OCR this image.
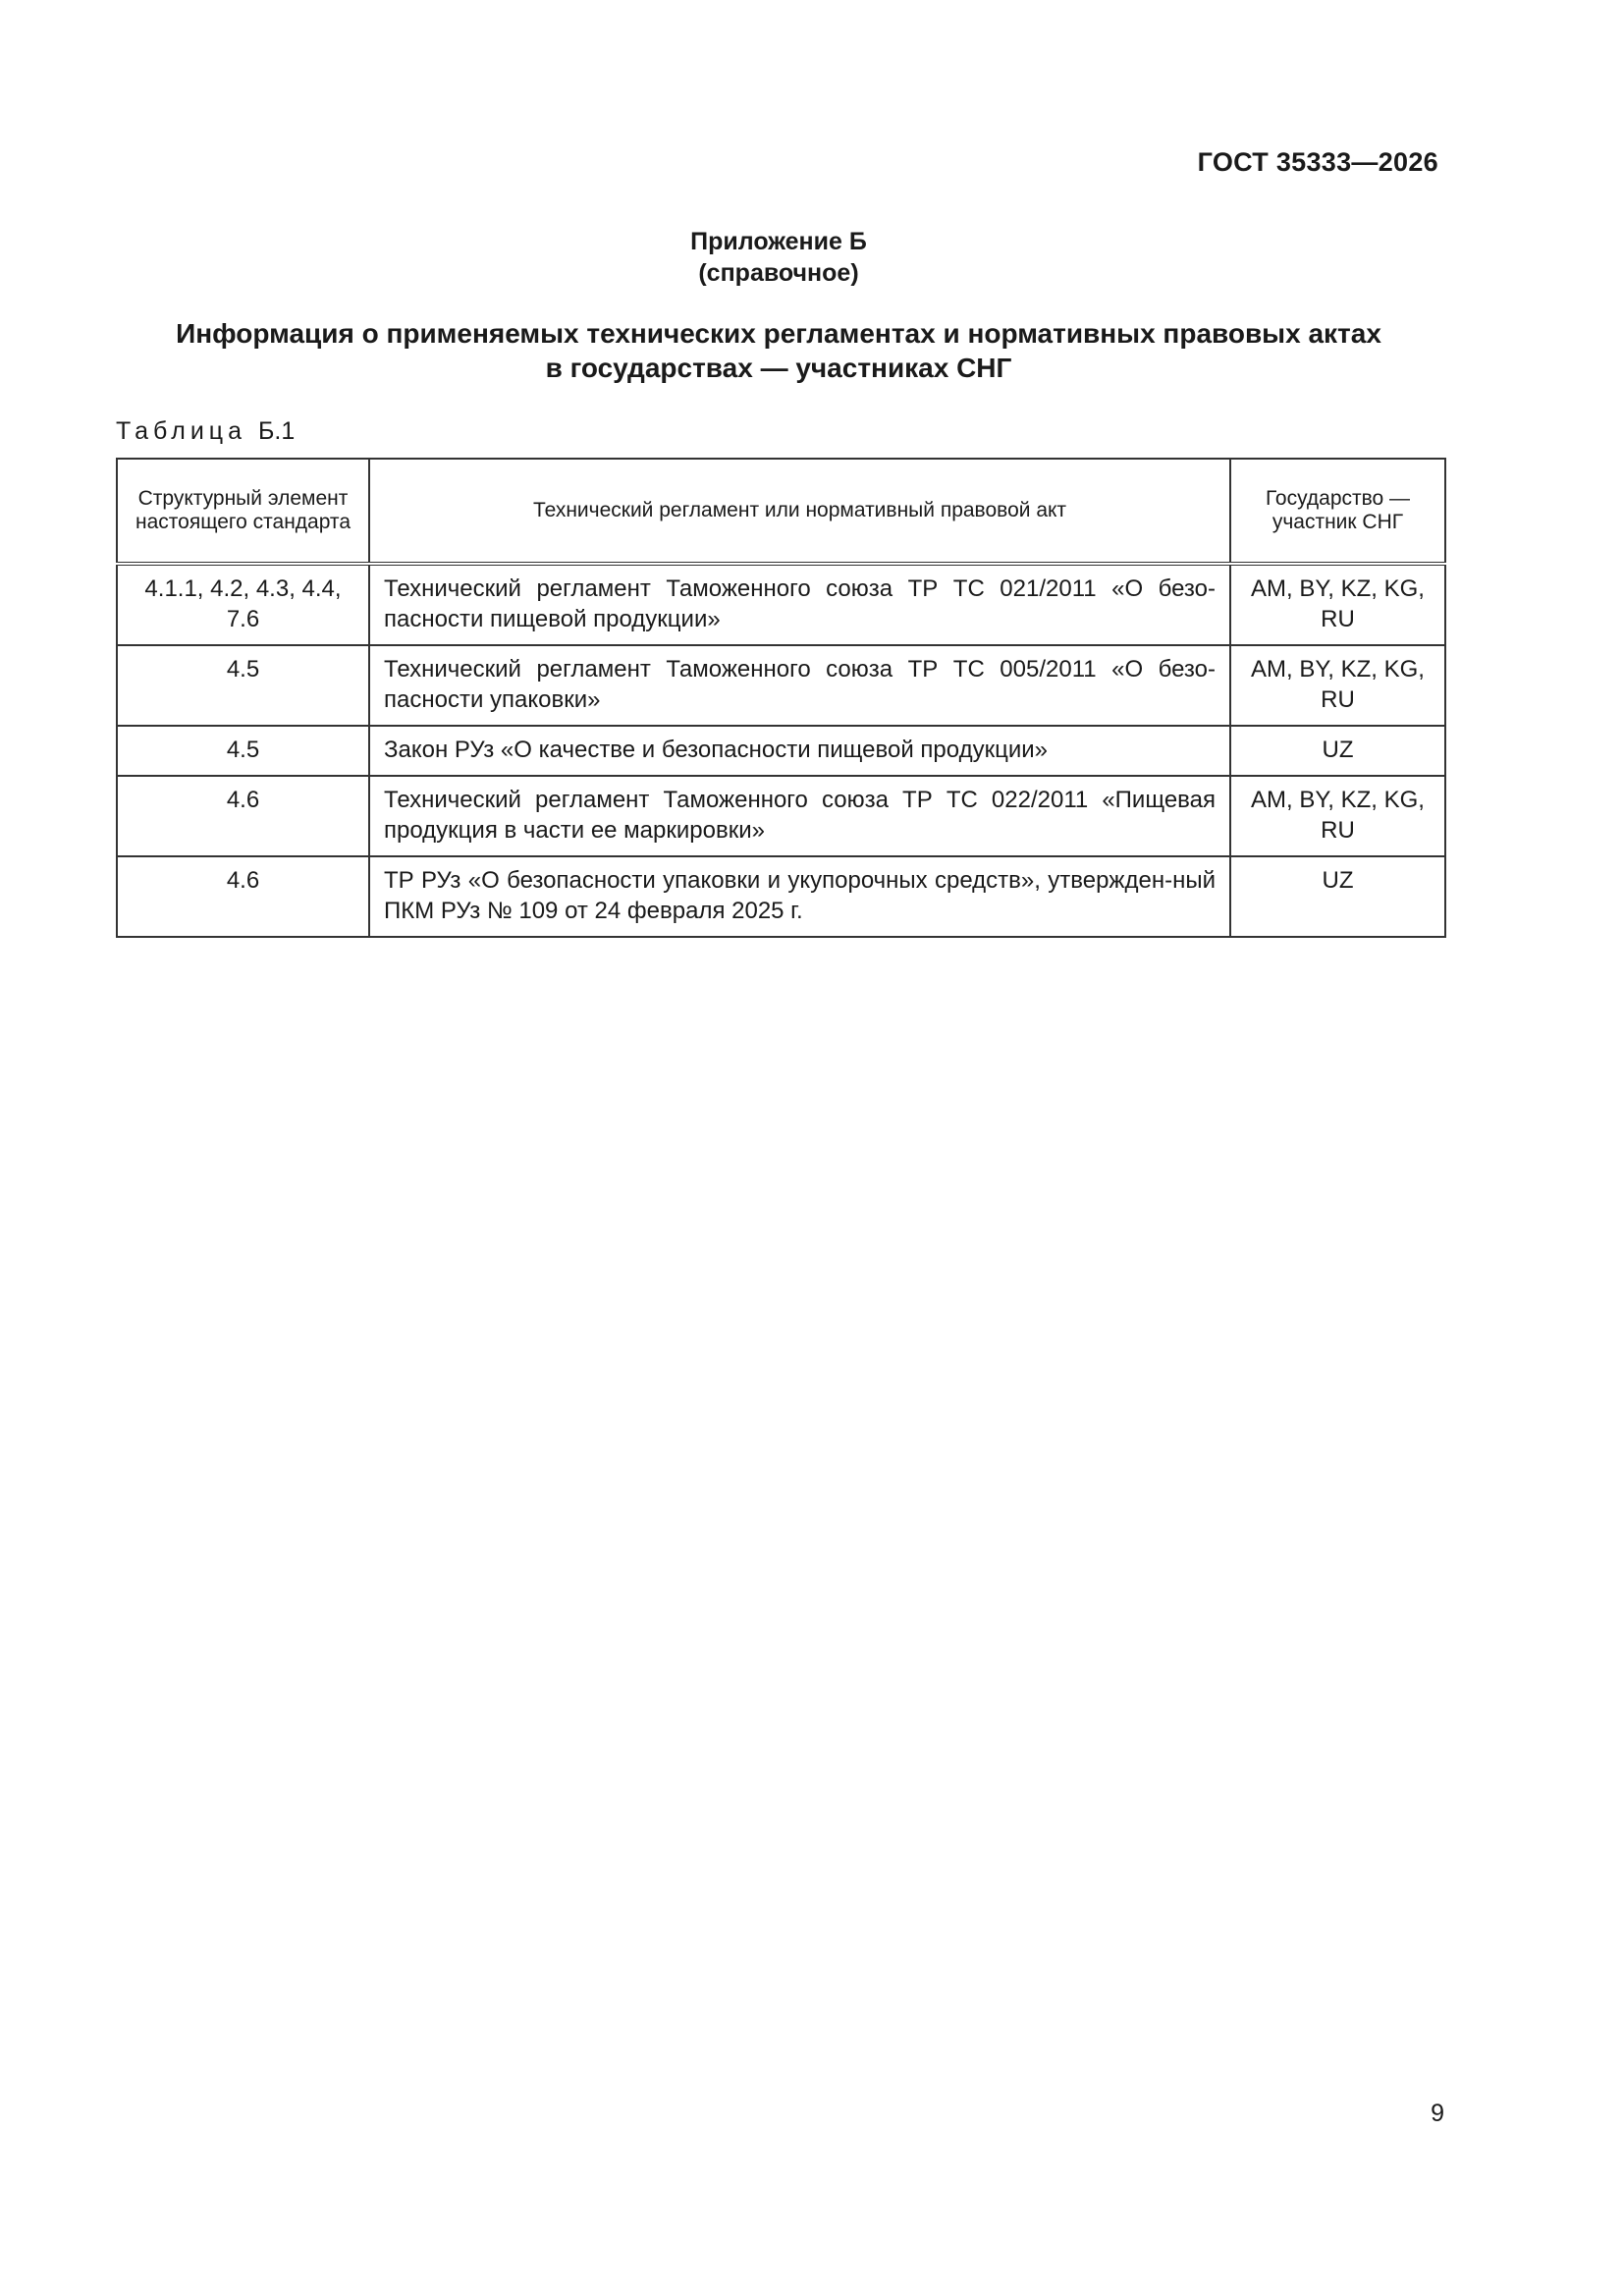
ГОСТ 35333—2026
Приложение Б
(справочное)
Информация о применяемых технических регламентах и нормативных правовых актах
в государствах — участниках СНГ
Таблица Б.1
Структурный элемент настоящего стандарта	Технический регламент или нормативный правовой акт	Государство — участник СНГ
4.1.1, 4.2, 4.3, 4.4, 7.6	Технический регламент Таможенного союза ТР ТС 021/2011 «О безо-пасности пищевой продукции»	AM, BY, KZ, KG, RU
4.5	Технический регламент Таможенного союза ТР ТС 005/2011 «О безо-пасности упаковки»	AM, BY, KZ, KG, RU
4.5	Закон РУз «О качестве и безопасности пищевой продукции»	UZ
4.6	Технический регламент Таможенного союза ТР ТС 022/2011 «Пищевая продукция в части ее маркировки»	AM, BY, KZ, KG, RU
4.6	ТР РУз «О безопасности упаковки и укупорочных средств», утвержден-ный ПКМ РУз № 109 от 24 февраля 2025 г.	UZ
9
